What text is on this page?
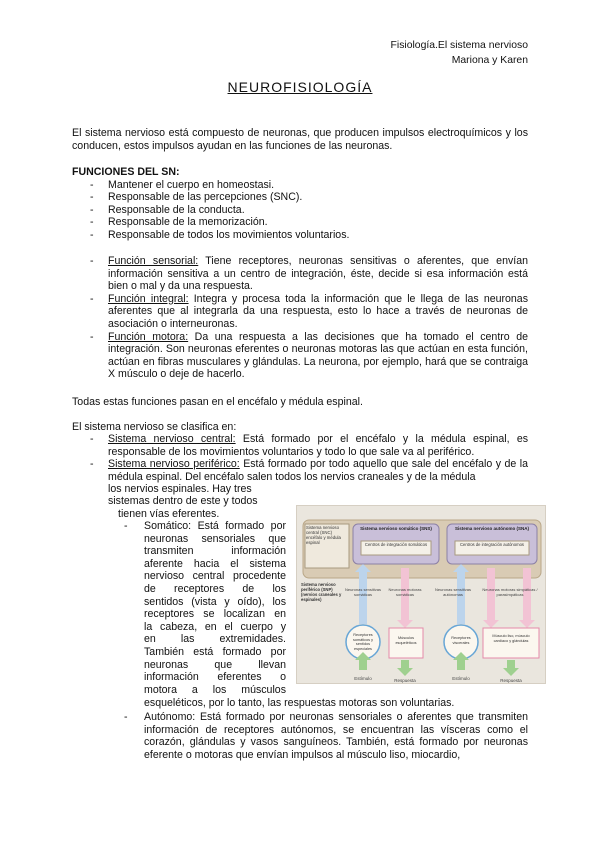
Fisiología.El sistema nervioso
Mariona y Karen
NEUROFISIOLOGÍA
El sistema nervioso está compuesto de neuronas, que producen impulsos electroquímicos y los conducen, estos impulsos ayudan en las funciones de las neuronas.
FUNCIONES DEL SN:
- Mantener el cuerpo en homeostasi.
- Responsable de las percepciones (SNC).
- Responsable de la conducta.
- Responsable de la memorización.
- Responsable de todos los movimientos voluntarios.
- Función sensorial: Tiene receptores, neuronas sensitivas o aferentes, que envían información sensitiva a un centro de integración, éste, decide si esa información está bien o mal y da una respuesta.
- Función integral: Integra y procesa toda la información que le llega de las neuronas aferentes que al integrarla da una respuesta, esto lo hace a través de neuronas de asociación o interneuronas.
- Función motora: Da una respuesta a las decisiones que ha tomado el centro de integración. Son neuronas eferentes o neuronas motoras las que actúan en esta función, actúan en fibras musculares y glándulas. La neurona, por ejemplo, hará que se contraiga X músculo o deje de hacerlo.
Todas estas funciones pasan en el encéfalo y médula espinal.
El sistema nervioso se clasifica en:
- Sistema nervioso central: Está formado por el encéfalo y la médula espinal, es responsable de los movimientos voluntarios y todo lo que sale va al periférico.
- Sistema nervioso periférico: Está formado por todo aquello que sale del encéfalo y de la médula espinal. Del encéfalo salen todos los nervios craneales y de la médula
los nervios espinales. Hay tres
sistemas dentro de este y todos
tienen vías eferentes.
- Somático: Está formado por
neuronas sensoriales que
transmiten información
aferente hacia el sistema
nervioso central procedente
de receptores de los
sentidos (vista y oído), los
receptores se localizan en
la cabeza, en el cuerpo y
en las extremidades.
También está formado por
neuronas que llevan
información eferentes o
motora a los músculos
esqueléticos, por lo tanto, las respuestas motoras son voluntarias.
- Autónomo: Está formado por neuronas sensoriales o aferentes que transmiten información de receptores autónomos, se encuentran las vísceras como el corazón, glándulas y vasos sanguíneos. También, está formado por neuronas eferente o motoras que envían impulsos al músculo liso, miocardio,
Sistema nervioso central (SNC) encéfalo y médula espinal
Sistema nervioso somático (SNS)
Centros de integración somáticos
Sistema nervioso autónomo (SNA)
Centros de integración autónomos
Sistema nervioso periférico (SNP) (nervios craneales y espinales)
Neuronas sensitivas somáticas
Neuronas motoras somáticas
Neuronas sensitivas autónomas
Neuronas motoras simpáticas / parasimpáticas
Receptores somáticos y sentidos especiales
Músculos esqueléticos
Receptores viscerales
Músculo liso, músculo cardíaco y glándulas
Estímulo	Respuesta	Estímulo	Respuesta
